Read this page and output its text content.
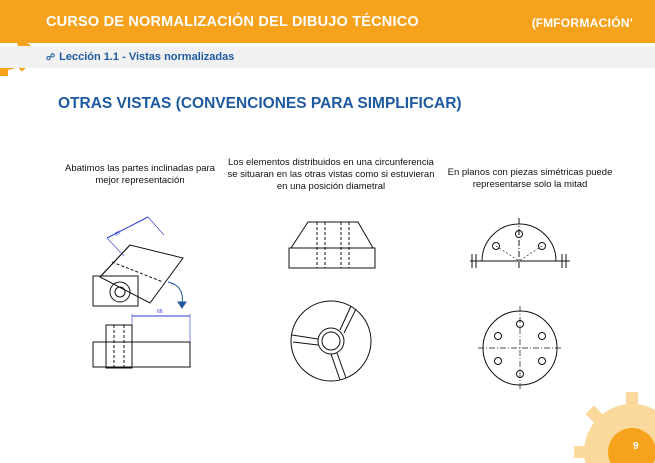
CURSO DE NORMALIZACIÓN DEL DIBUJO TÉCNICO	(FMFORMACIÓN'
☍ Lección 1.1 - Vistas normalizadas
OTRAS VISTAS (CONVENCIONES PARA SIMPLIFICAR)
Abatimos las partes inclinadas para mejor representación
Los elementos distribuidos en una circunferencia se situaran en las otras vistas como si estuvieran en una posición diametral
En planos con piezas simétricas puede representarse solo la mitad
85
66
9
